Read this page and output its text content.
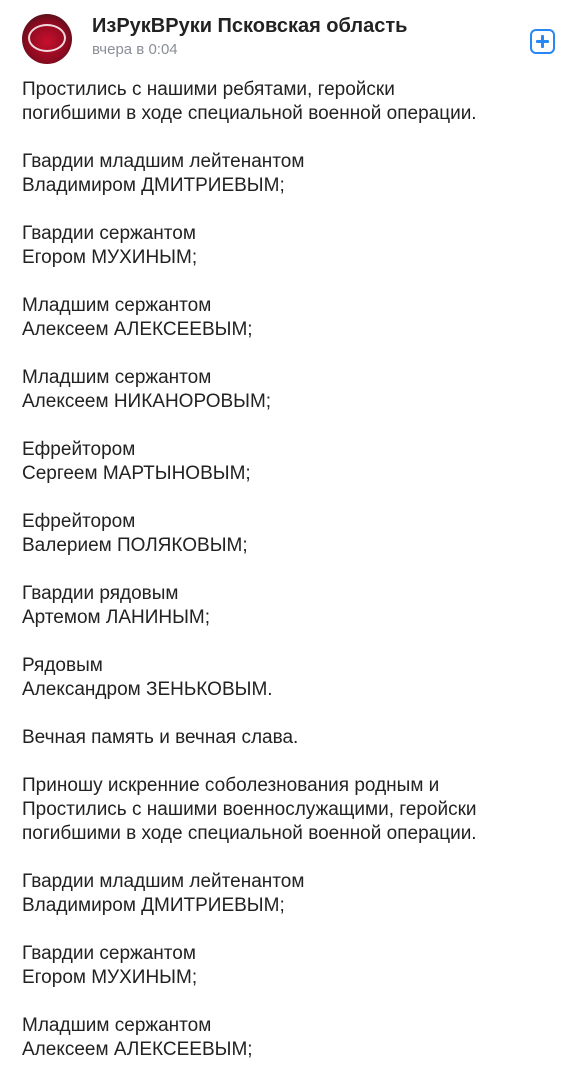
ИзРукВРуки Псковская область
вчера в 0:04
Простились с нашими ребятами, геройски
погибшими в ходе специальной военной операции.
Гвардии младшим лейтенантом
Владимиром ДМИТРИЕВЫМ;
Гвардии сержантом
Егором МУХИНЫМ;
Младшим сержантом
Алексеем АЛЕКСЕЕВЫМ;
Младшим сержантом
Алексеем НИКАНОРОВЫМ;
Ефрейтором
Сергеем МАРТЫНОВЫМ;
Ефрейтором
Валерием ПОЛЯКОВЫМ;
Гвардии рядовым
Артемом ЛАНИНЫМ;
Рядовым
Александром ЗЕНЬКОВЫМ.
Вечная память и вечная слава.
Приношу искренние соболезнования родным и
Простились с нашими военнослужащими, геройски
погибшими в ходе специальной военной операции.
Гвардии младшим лейтенантом
Владимиром ДМИТРИЕВЫМ;
Гвардии сержантом
Егором МУХИНЫМ;
Младшим сержантом
Алексеем АЛЕКСЕЕВЫМ;
